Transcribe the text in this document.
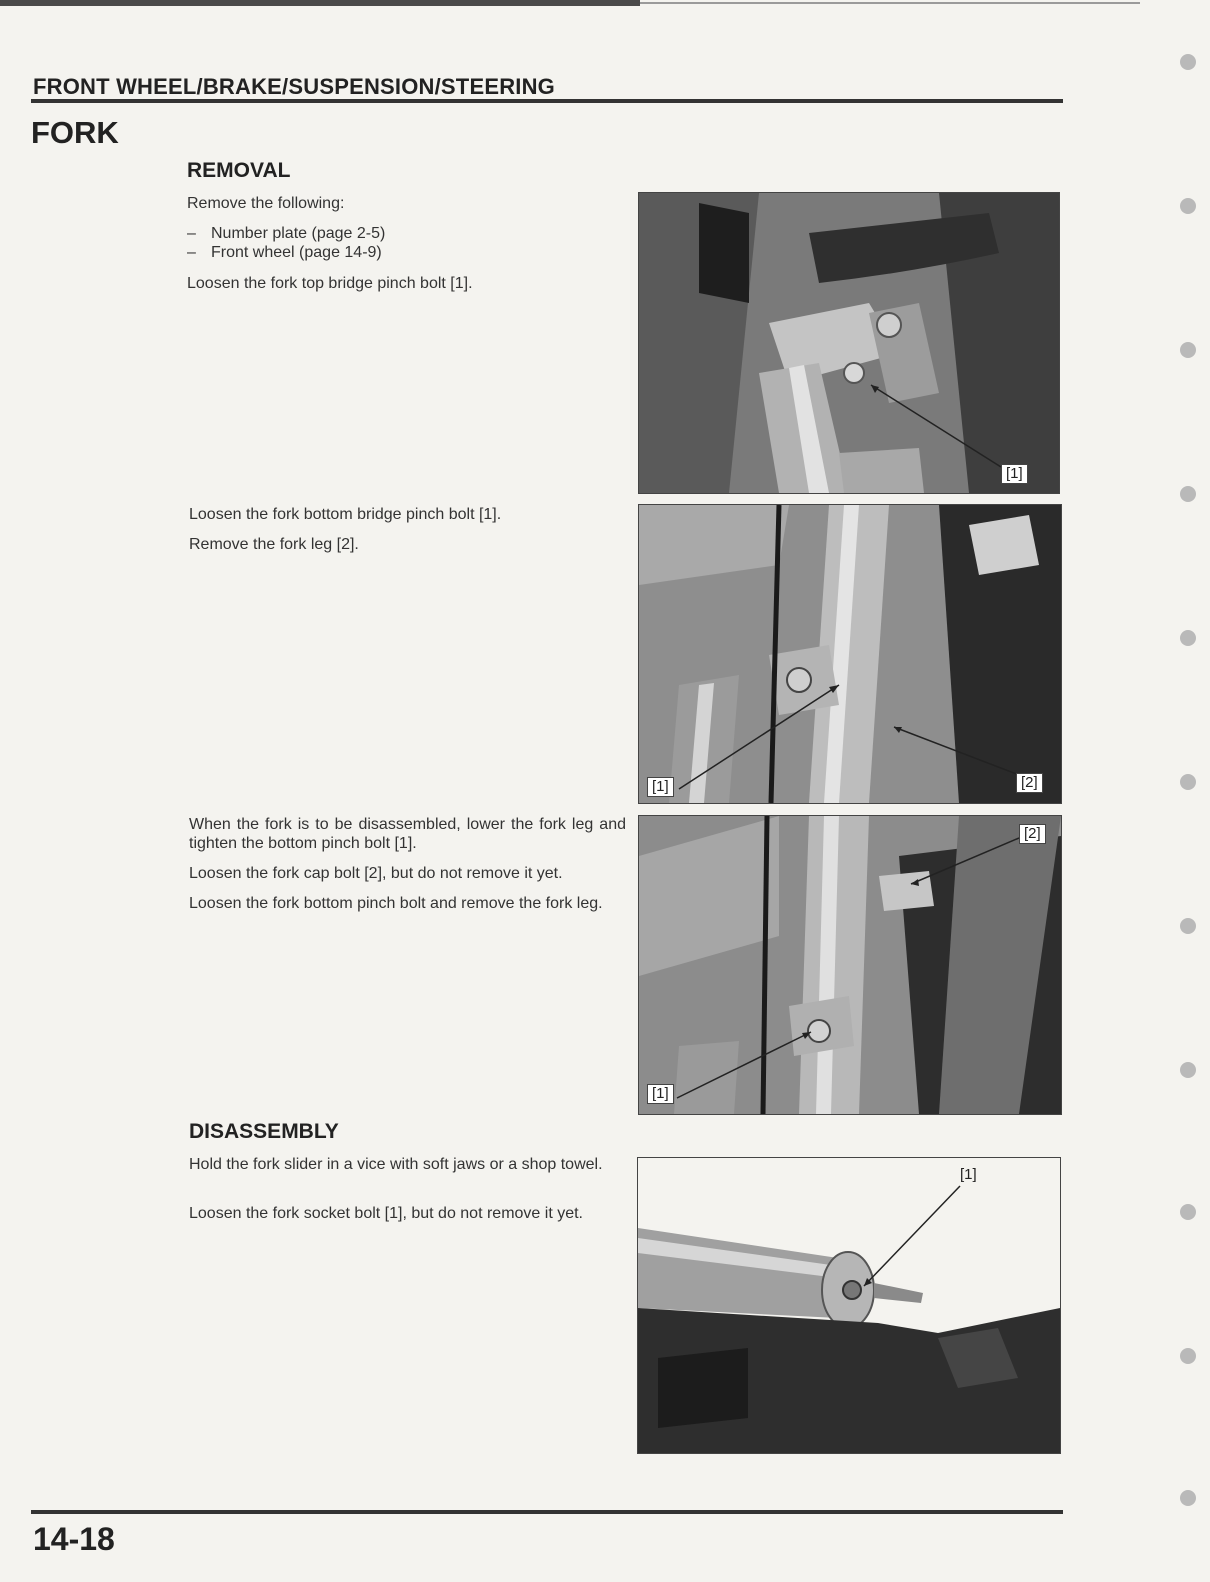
FRONT WHEEL/BRAKE/SUSPENSION/STEERING
FORK
REMOVAL
Remove the following:
– Number plate (page 2-5)
– Front wheel (page 14-9)
Loosen the fork top bridge pinch bolt [1].
Loosen the fork bottom bridge pinch bolt [1].
Remove the fork leg [2].
When the fork is to be disassembled, lower the fork leg and tighten the bottom pinch bolt [1].
Loosen the fork cap bolt [2], but do not remove it yet.
Loosen the fork bottom pinch bolt and remove the fork leg.
DISASSEMBLY
Hold the fork slider in a vice with soft jaws or a shop towel.
Loosen the fork socket bolt [1], but do not remove it yet.
[1]
[1]	[2]
[2]
[1]
[1]
14-18
